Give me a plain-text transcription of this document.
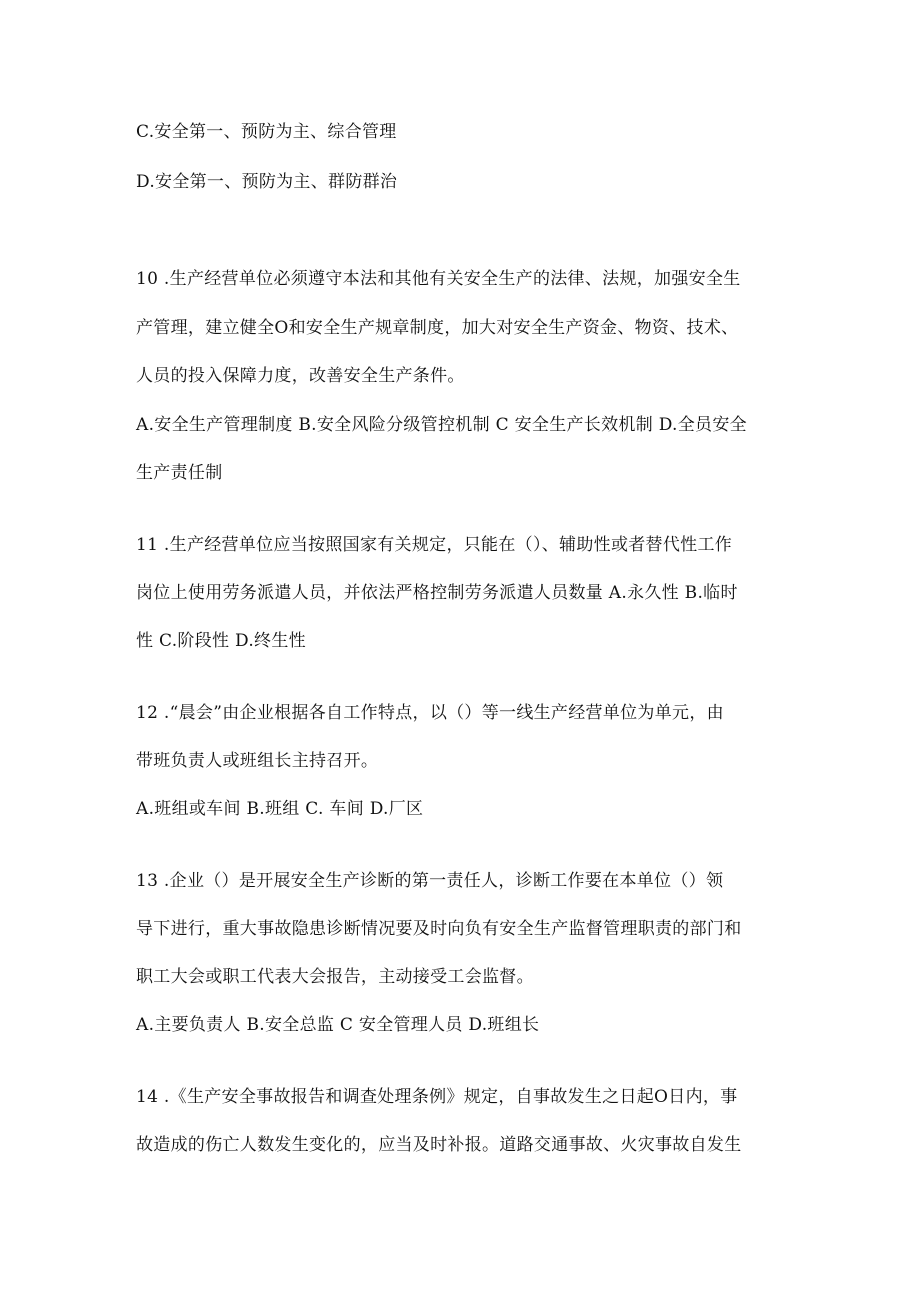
C.安全第一、预防为主、综合管理
D.安全第一、预防为主、群防群治
10 .生产经营单位必须遵守本法和其他有关安全生产的法律、法规，加强安全生
产管理，建立健全O和安全生产规章制度，加大对安全生产资金、物资、技术、
人员的投入保障力度，改善安全生产条件。
A.安全生产管理制度 B.安全风险分级管控机制 C 安全生产长效机制 D.全员安全
生产责任制
11 .生产经营单位应当按照国家有关规定，只能在（）、辅助性或者替代性工作
岗位上使用劳务派遣人员，并依法严格控制劳务派遣人员数量 A.永久性 B.临时
性 C.阶段性 D.终生性
12 .“晨会”由企业根据各自工作特点，以（）等一线生产经营单位为单元，由
带班负责人或班组长主持召开。
A.班组或车间 B.班组 C. 车间 D.厂区
13 .企业（）是开展安全生产诊断的第一责任人，诊断工作要在本单位（）领
导下进行，重大事故隐患诊断情况要及时向负有安全生产监督管理职责的部门和
职工大会或职工代表大会报告，主动接受工会监督。
A.主要负责人 B.安全总监 C 安全管理人员 D.班组长
14 .《生产安全事故报告和调查处理条例》规定，自事故发生之日起O日内，事
故造成的伤亡人数发生变化的，应当及时补报。道路交通事故、火灾事故自发生
